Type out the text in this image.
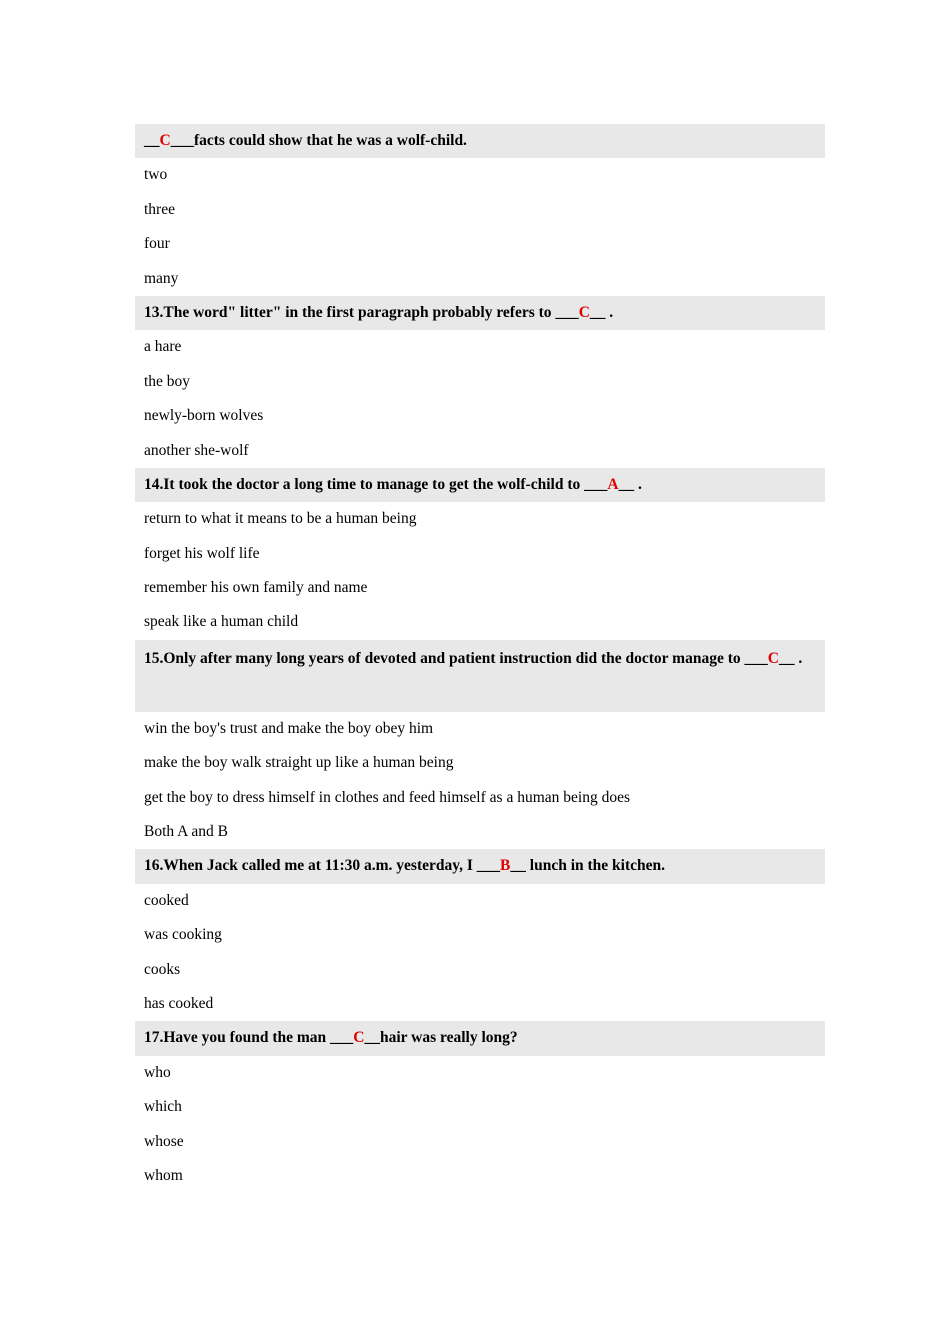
__C___facts could show that he was a wolf-child.
two
three
four
many
13.The word" litter" in the first paragraph probably refers to ___C__ .
a hare
the boy
newly-born wolves
another she-wolf
14.It took the doctor a long time to manage to get the wolf-child to ___A__ .
return to what it means to be a human being
forget his wolf life
remember his own family and name
speak like a human child
15.Only after many long years of devoted and patient instruction did the doctor manage to ___C__ .
win the boy's trust and make the boy obey him
make the boy walk straight up like a human being
get the boy to dress himself in clothes and feed himself as a human being does
Both A and B
16.When Jack called me at 11:30 a.m. yesterday, I ___B__ lunch in the kitchen.
cooked
was cooking
cooks
has cooked
17.Have you found the man ___C__hair was really long?
who
which
whose
whom
